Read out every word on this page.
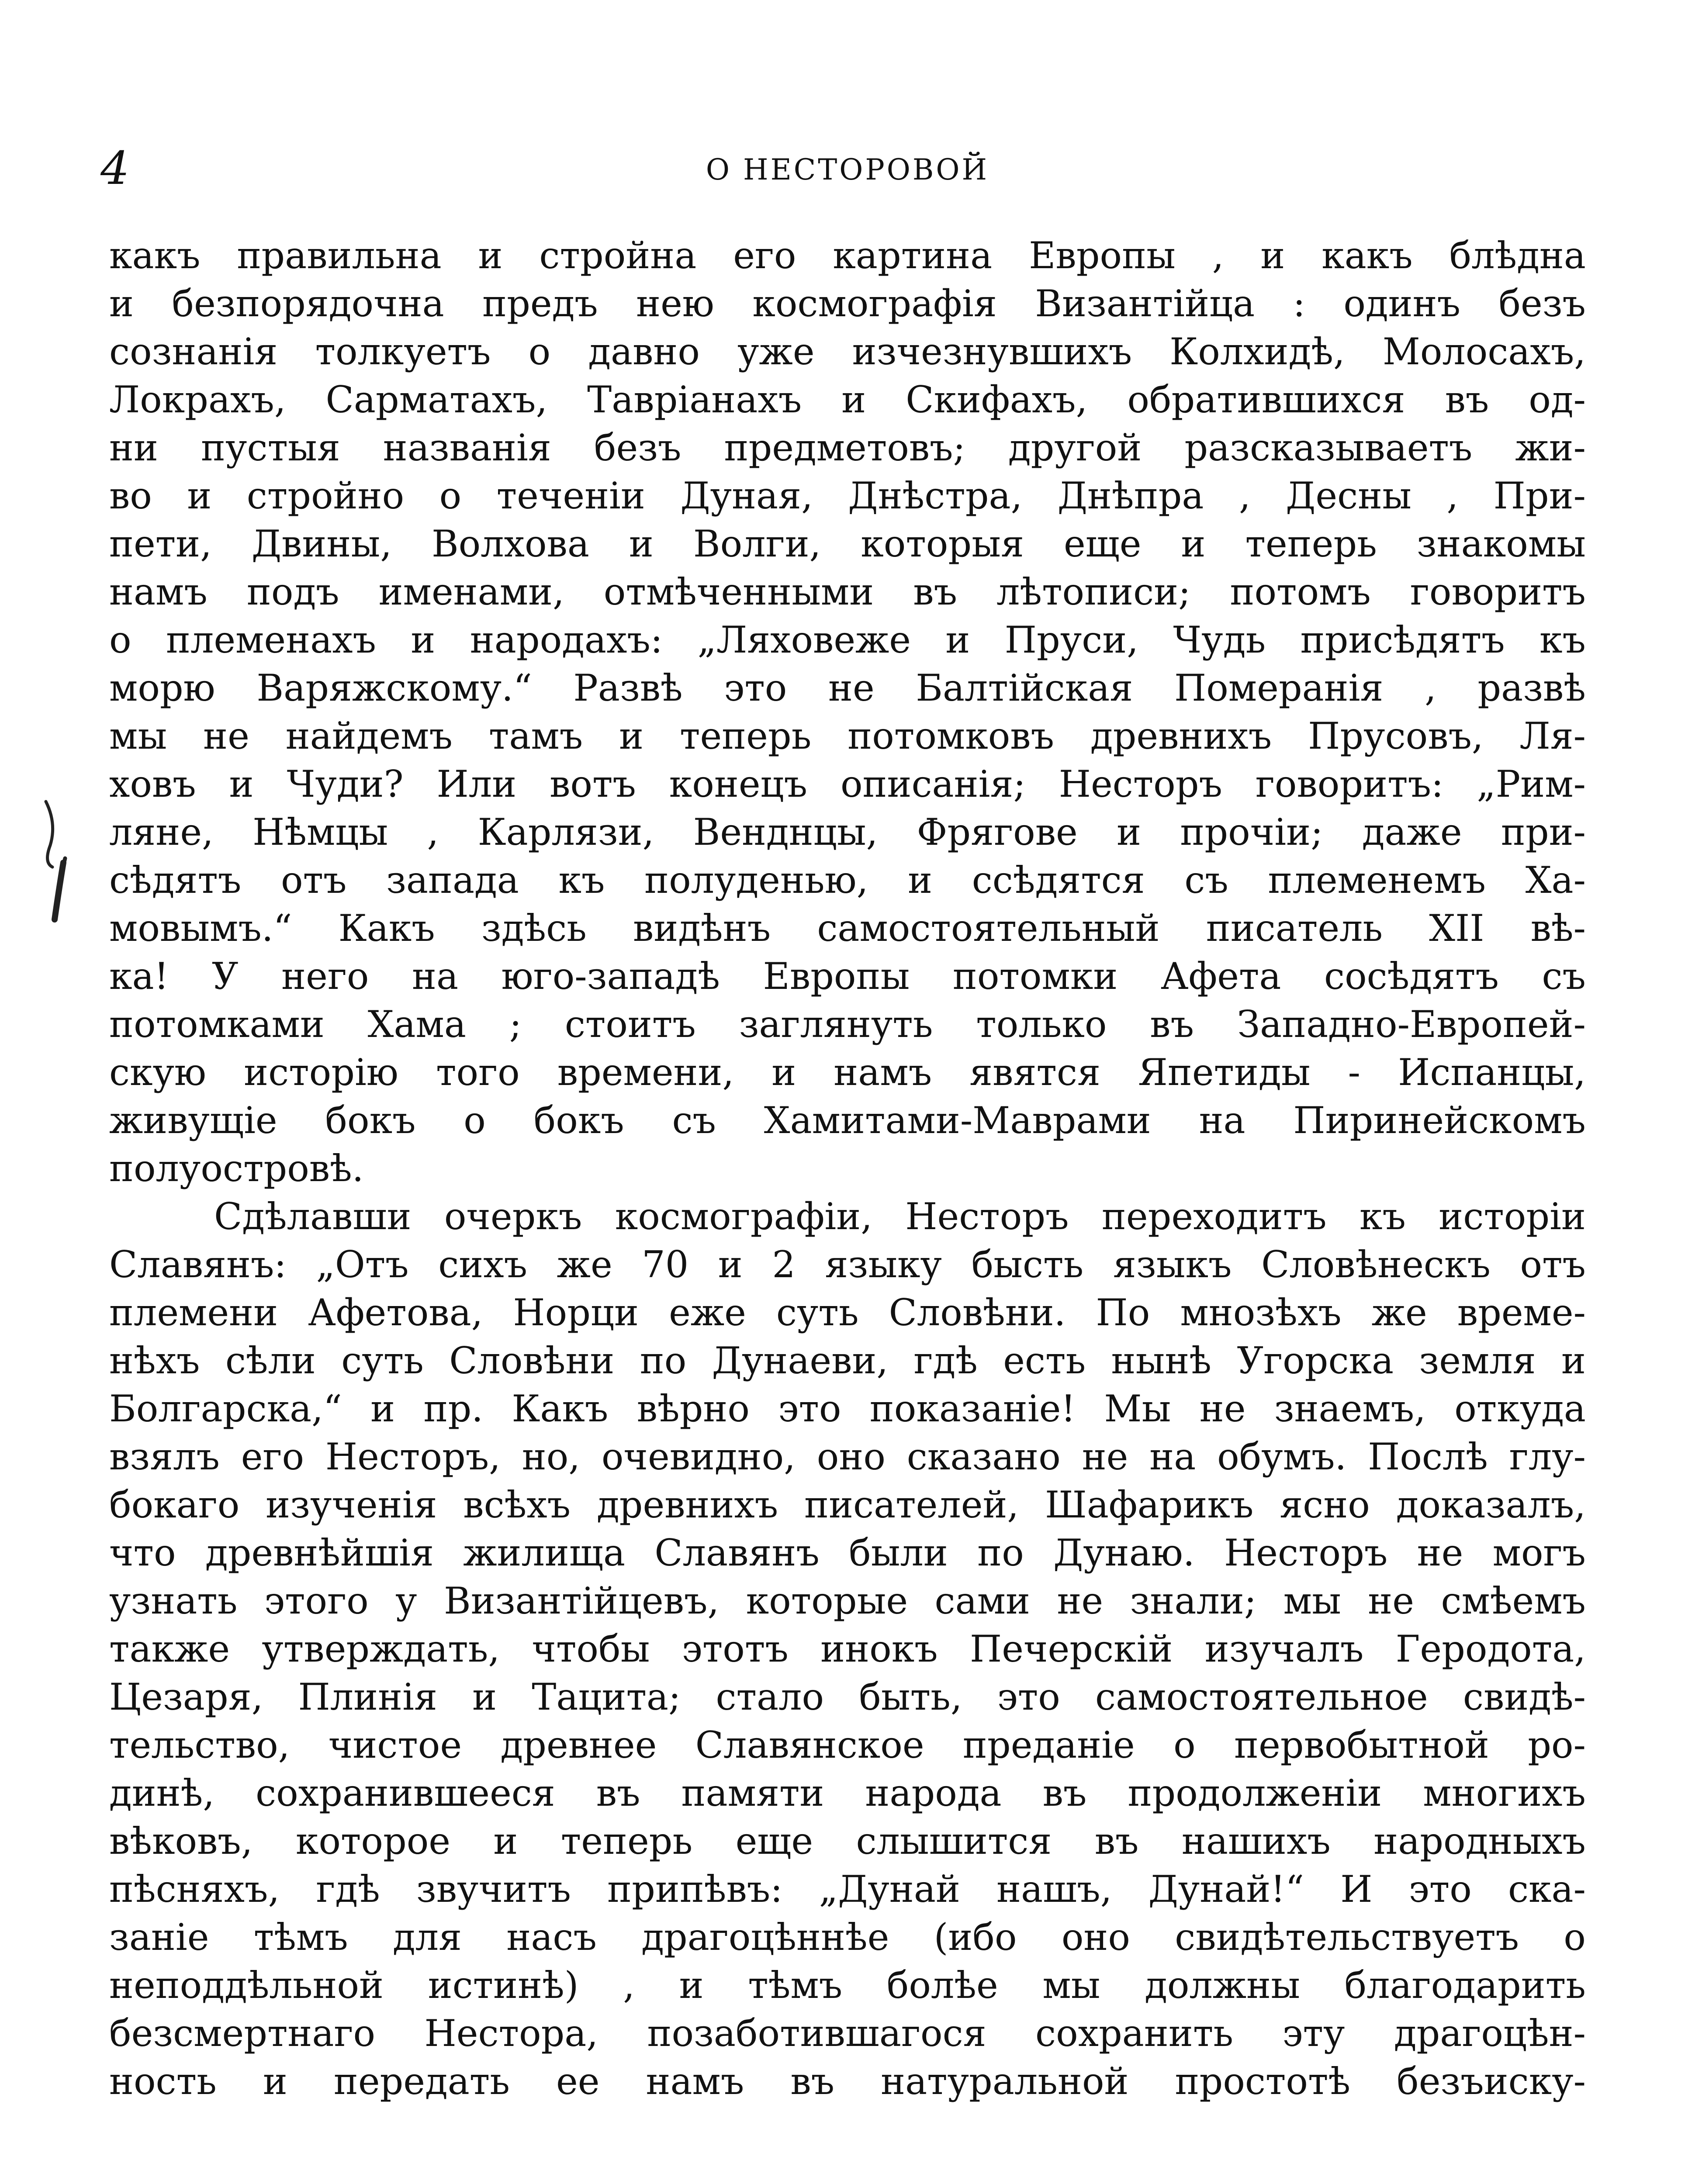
4	О НЕСТОРОВОЙ
какъ правильна и стройна его картина Европы , и какъ блѣдна
и безпорядочна предъ нею космографія Византійца : одинъ безъ
сознанія толкуетъ о давно уже изчезнувшихъ Колхидѣ, Молосахъ,
Локрахъ, Сарматахъ, Тавріанахъ и Скифахъ, обратившихся въ од-
ни пустыя названія безъ предметовъ; другой разсказываетъ жи-
во и стройно о теченіи Дуная, Днѣстра, Днѣпра , Десны , При-
пети, Двины, Волхова и Волги, которыя еще и теперь знакомы
намъ подъ именами, отмѣченными въ лѣтописи; потомъ говоритъ
о племенахъ и народахъ: „Ляховеже и Пруси, Чудь присѣдятъ къ
морю Варяжскому.“ Развѣ это не Балтійская Померанія , развѣ
мы не найдемъ тамъ и теперь потомковъ древнихъ Прусовъ, Ля-
ховъ и Чуди? Или вотъ конецъ описанія; Несторъ говоритъ: „Рим-
ляне, Нѣмцы , Карлязи, Венднцы, Фрягове и прочіи; даже при-
сѣдятъ отъ запада къ полуденью, и ссѣдятся съ племенемъ Ха-
мовымъ.“ Какъ здѣсь видѣнъ самостоятельный писатель XII вѣ-
ка! У него на юго-западѣ Европы потомки Афета сосѣдятъ съ
потомками Хама ; стоитъ заглянуть только въ Западно-Европей-
скую исторію того времени, и намъ явятся Япетиды - Испанцы,
живущіе бокъ о бокъ съ Хамитами-Маврами на Пиринейскомъ
полуостровѣ.
Сдѣлавши очеркъ космографіи, Несторъ переходитъ къ исторіи
Славянъ: „Отъ сихъ же 70 и 2 языку бысть языкъ Словѣнескъ отъ
племени Афетова, Норци еже суть Словѣни. По мнозѣхъ же време-
нѣхъ сѣли суть Словѣни по Дунаеви, гдѣ есть нынѣ Угорска земля и
Болгарска,“ и пр. Какъ вѣрно это показаніе! Мы не знаемъ, откуда
взялъ его Несторъ, но, очевидно, оно сказано не на обумъ. Послѣ глу-
бокаго изученія всѣхъ древнихъ писателей, Шафарикъ ясно доказалъ,
что древнѣйшія жилища Славянъ были по Дунаю. Несторъ не могъ
узнать этого у Византійцевъ, которые сами не знали; мы не смѣемъ
также утверждать, чтобы этотъ инокъ Печерскій изучалъ Геродота,
Цезаря, Плинія и Тацита; стало быть, это самостоятельное свидѣ-
тельство, чистое древнее Славянское преданіе о первобытной ро-
динѣ, сохранившееся въ памяти народа въ продолженіи многихъ
вѣковъ, которое и теперь еще слышится въ нашихъ народныхъ
пѣсняхъ, гдѣ звучитъ припѣвъ: „Дунай нашъ, Дунай!“ И это ска-
заніе тѣмъ для насъ драгоцѣннѣе (ибо оно свидѣтельствуетъ о
неподдѣльной истинѣ) , и тѣмъ болѣе мы должны благодарить
безсмертнаго Нестора, позаботившагося сохранить эту драгоцѣн-
ность и передать ее намъ въ натуральной простотѣ безъиску-
